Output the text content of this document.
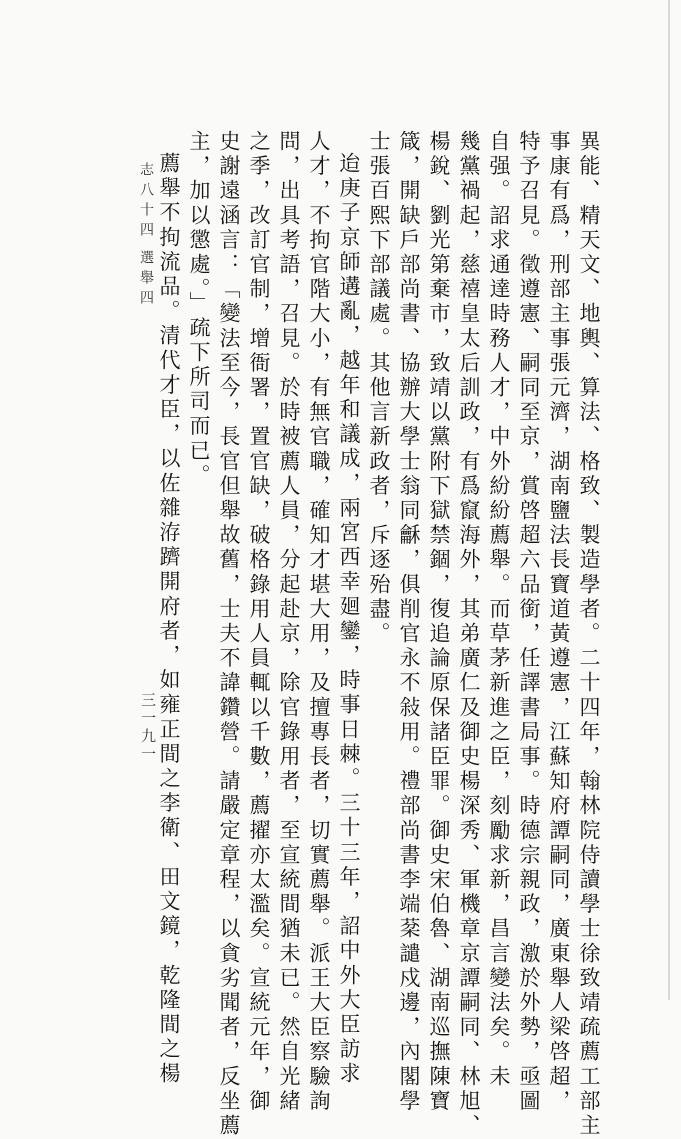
異能、精天文、地輿、算法、格致、製造學者。二十四年，翰林院侍讀學士徐致靖疏薦工部主
事康有爲，刑部主事張元濟，湖南鹽法長寶道黃遵憲，江蘇知府譚嗣同，廣東舉人梁啓超，
特予召見。徵遵憲、嗣同至京，賞啓超六品銜，任譯書局事。時德宗親政，激於外勢，亟圖
自强。詔求通達時務人才，中外紛紛薦舉。而草茅新進之臣，刻勵求新，昌言變法矣。未
幾黨禍起，慈禧皇太后訓政，有爲竄海外，其弟廣仁及御史楊深秀、軍機章京譚嗣同、林旭、
楊銳、劉光第棄市，致靖以黨附下獄禁錮，復追論原保諸臣罪。御史宋伯魯、湖南巡撫陳寶
箴，開缺戶部尚書、協辦大學士翁同龢，俱削官永不敍用。禮部尚書李端棻譴戍邊，內閣學
士張百熙下部議處。其他言新政者，斥逐殆盡。
迨庚子京師遘亂，越年和議成，兩宮西幸廻鑾，時事日棘。三十三年，詔中外大臣訪求
人才，不拘官階大小，有無官職，確知才堪大用，及擅專長者，切實薦舉。派王大臣察驗詢
問，出具考語，召見。於時被薦人員，分起赴京，除官錄用者，至宣統間猶未已。然自光緒
之季，改訂官制，增衙署，置官缺，破格錄用人員輒以千數，薦擢亦太濫矣。宣統元年，御
史謝遠涵言：「變法至今，長官但舉故舊，士夫不諱鑽營。請嚴定章程，以貪劣聞者，反坐薦
主，加以懲處。」疏下所司而已。
薦舉不拘流品。清代才臣，以佐雜洊躋開府者，如雍正間之李衛、田文鏡，乾隆間之楊
志八十四
選舉四
三一九一
